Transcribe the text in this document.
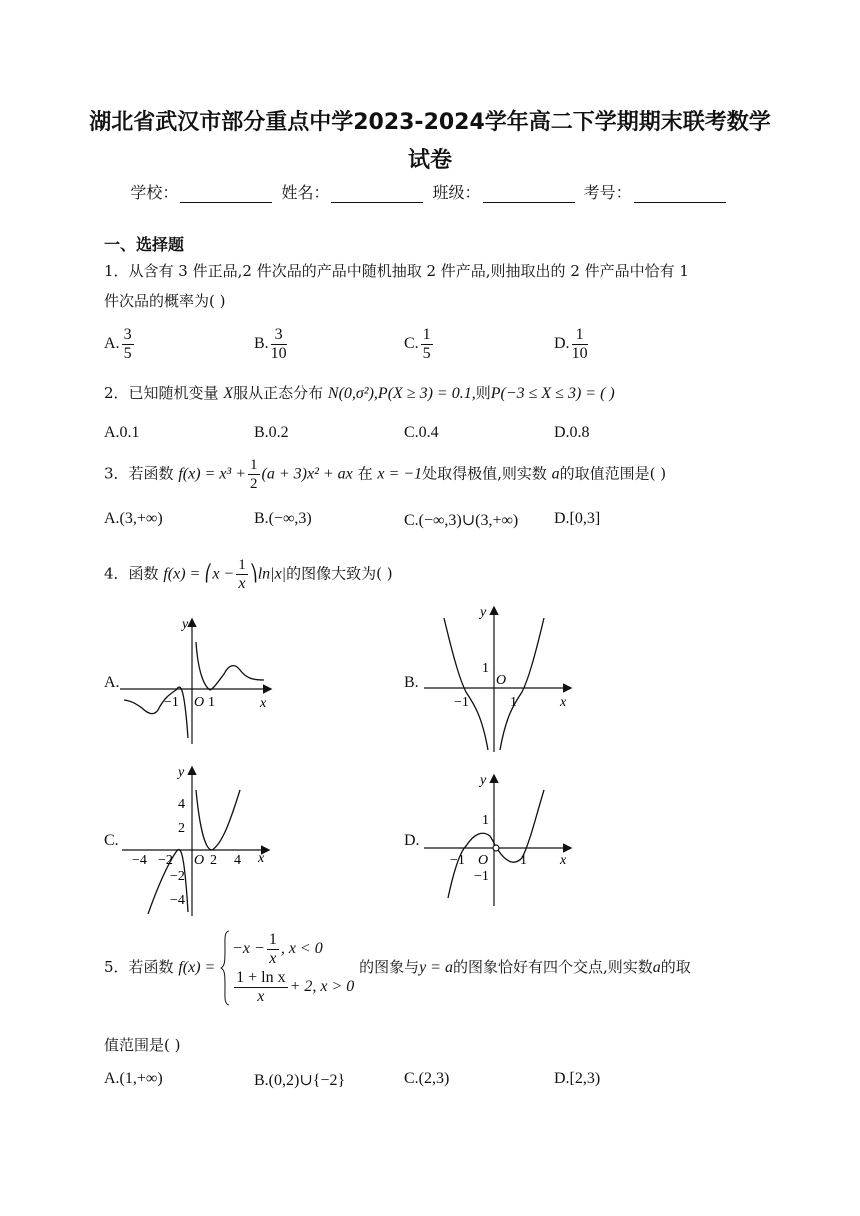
湖北省武汉市部分重点中学2023-2024学年高二下学期期末联考数学
试卷
学校：	姓名：	班级：	考号：
一、选择题
1．从含有 3 件正品,2 件次品的产品中随机抽取 2 件产品,则抽取出的 2 件产品中恰有 1
件次品的概率为( )
A. $\frac{3}{5}$	B. $\frac{3}{10}$	C. $\frac{1}{5}$	D. $\frac{1}{10}$
2．已知随机变量 X服从正态分布 N(0,σ²),P(X ≥ 3) = 0.1,则P(−3 ≤ X ≤ 3) = ( )
A.0.1	B.0.2	C.0.4	D.0.8
3．若函数 $f(x) = x^3 + \frac{1}{2} (a + 3)x^2$ + ax 在 x = −1处取得极值,则实数 a的取值范围是( )
A.(3,+∞)	B.(−∞,3)	C.(−∞,3)∪(3,+∞) D.[0,3]
4．函数 f(x) = ⎛x − $\frac{1}{x}$ ⎞ln|x|的图像大致为( )
A.	B.
C.	D.
y
x
−1 O 1
y
x
−1	1
O
1
y
x
−4 −2 O 2 4
4
2
−2
−4
y
x
−1 O 1
1
−1
5．若函数 f(x) =
$-x - \frac{1}{x}$ , x < 0
$\frac{\text{1 + ln x}}{x} + 2$, x > 0
的图象与y = a的图象恰好有四个交点,则实数a的取
值范围是( )
A.(1,+∞)	B.(0,2)∪{−2}	C.(2,3)	D.[2,3)
